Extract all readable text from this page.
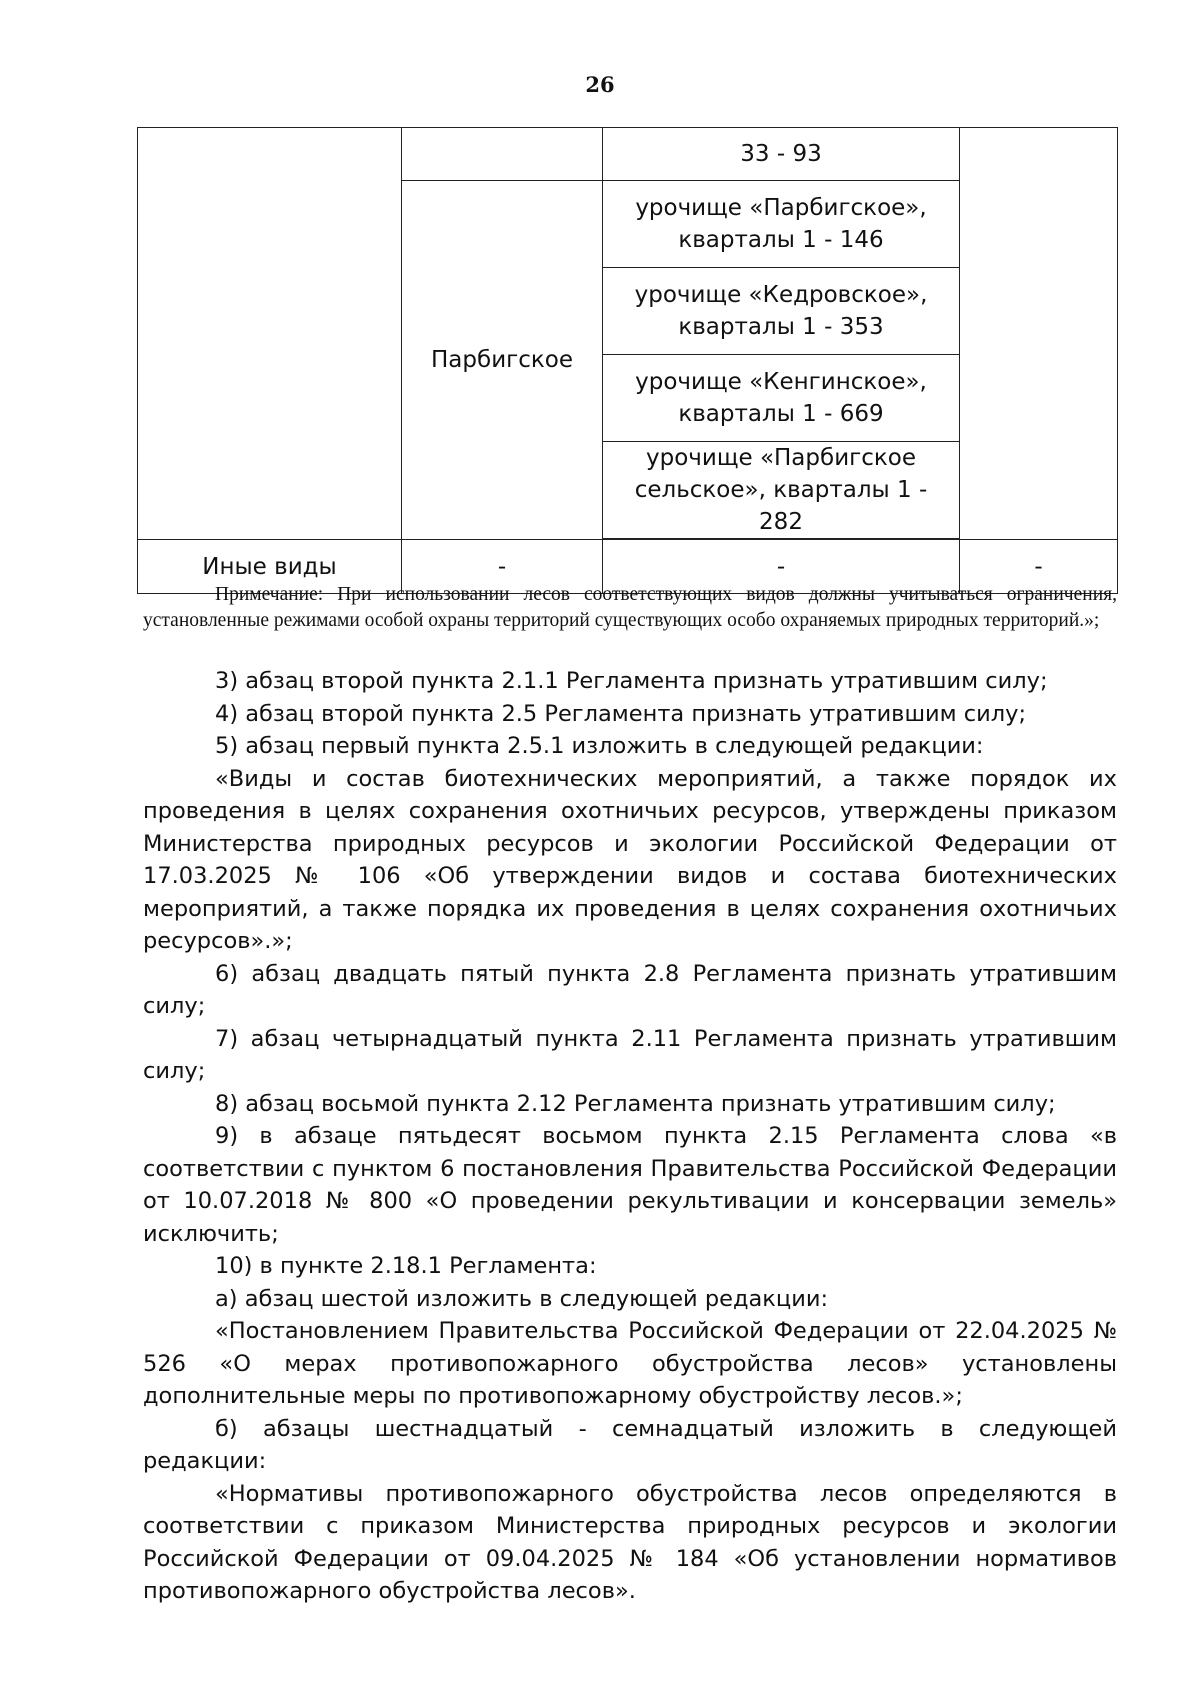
26
		33 - 93	
	Парбигское	урочище «Парбигское», кварталы 1 - 146	
		урочище «Кедровское», кварталы 1 - 353	
		урочище «Кенгинское», кварталы 1 - 669	
		урочище «Парбигское сельское», кварталы 1 - 282	

Иные виды	-	-	-
Примечание: При использовании лесов соответствующих видов должны учитываться ограничения, установленные режимами особой охраны территорий существующих особо охраняемых природных территорий.»;

3) абзац второй пункта 2.1.1 Регламента признать утратившим силу;

4) абзац второй пункта 2.5 Регламента признать утратившим силу;

5) абзац первый пункта 2.5.1 изложить в следующей редакции:

«Виды и состав биотехнических мероприятий, а также порядок их проведения в целях сохранения охотничьих ресурсов, утверждены приказом Министерства природных ресурсов и экологии Российской Федерации от 17.03.2025 № 106 «Об утверждении видов и состава биотехнических мероприятий, а также порядка их проведения в целях сохранения охотничьих ресурсов».»;

6) абзац двадцать пятый пункта 2.8 Регламента признать утратившим силу;

7) абзац четырнадцатый пункта 2.11 Регламента признать утратившим силу;

8) абзац восьмой пункта 2.12 Регламента признать утратившим силу;

9) в абзаце пятьдесят восьмом пункта 2.15 Регламента слова «в соответствии с пунктом 6 постановления Правительства Российской Федерации от 10.07.2018 № 800 «О проведении рекультивации и консервации земель» исключить;

10) в пункте 2.18.1 Регламента:

а) абзац шестой изложить в следующей редакции:

«Постановлением Правительства Российской Федерации от 22.04.2025 № 526 «О мерах противопожарного обустройства лесов» установлены дополнительные меры по противопожарному обустройству лесов.»;

б) абзацы шестнадцатый - семнадцатый изложить в следующей редакции:

«Нормативы противопожарного обустройства лесов определяются в соответствии с приказом Министерства природных ресурсов и экологии Российской Федерации от 09.04.2025 № 184 «Об установлении нормативов противопожарного обустройства лесов».
